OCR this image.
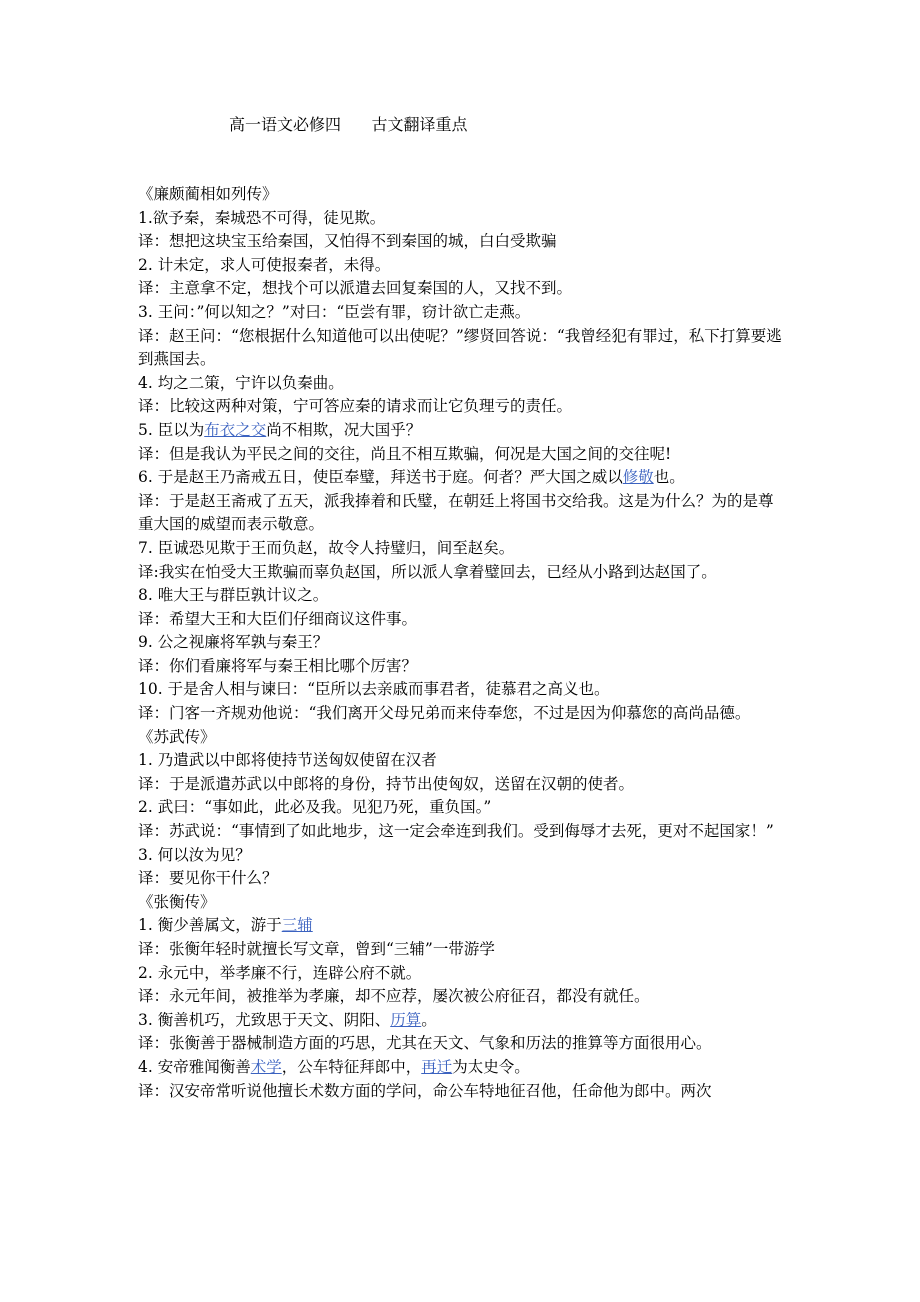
高一语文必修四      古文翻译重点

《廉颇蔺相如列传》

1.欲予秦，秦城恐不可得，徒见欺。

译：想把这块宝玉给秦国，又怕得不到秦国的城，白白受欺骗

2. 计未定，求人可使报秦者，未得。

译：主意拿不定，想找个可以派遣去回复秦国的人，又找不到。

3. 王问：”何以知之？”对曰：“臣尝有罪，窃计欲亡走燕。

译：赵王问：“您根据什么知道他可以出使呢？”缪贤回答说：“我曾经犯有罪过，私下打算要逃到燕国去。

4. 均之二策，宁许以负秦曲。

译：比较这两种对策，宁可答应秦的请求而让它负理亏的责任。

5. 臣以为布衣之交尚不相欺，况大国乎？

译：但是我认为平民之间的交往，尚且不相互欺骗，何况是大国之间的交往呢!

6. 于是赵王乃斋戒五日，使臣奉璧，拜送书于庭。何者？严大国之威以修敬也。

译：于是赵王斋戒了五天，派我捧着和氏璧，在朝廷上将国书交给我。这是为什么？为的是尊重大国的威望而表示敬意。

7. 臣诚恐见欺于王而负赵，故令人持璧归，间至赵矣。

译:我实在怕受大王欺骗而辜负赵国，所以派人拿着璧回去，已经从小路到达赵国了。

8. 唯大王与群臣孰计议之。

译：希望大王和大臣们仔细商议这件事。

9. 公之视廉将军孰与秦王？

译：你们看廉将军与秦王相比哪个厉害？

10. 于是舍人相与谏曰：“臣所以去亲戚而事君者，徒慕君之高义也。

译：门客一齐规劝他说：“我们离开父母兄弟而来侍奉您，不过是因为仰慕您的高尚品德。

《苏武传》

1. 乃遣武以中郎将使持节送匈奴使留在汉者

译：于是派遣苏武以中郎将的身份，持节出使匈奴，送留在汉朝的使者。

2. 武曰：“事如此，此必及我。见犯乃死，重负国。”

译：苏武说：“事情到了如此地步，这一定会牵连到我们。受到侮辱才去死，更对不起国家！”

3. 何以汝为见？

译：要见你干什么？

《张衡传》

1. 衡少善属文，游于三辅

译：张衡年轻时就擅长写文章，曾到“三辅”一带游学

2. 永元中，举孝廉不行，连辟公府不就。

译：永元年间，被推举为孝廉，却不应荐，屡次被公府征召，都没有就任。

3. 衡善机巧，尤致思于天文、阴阳、历算。

译：张衡善于器械制造方面的巧思，尤其在天文、气象和历法的推算等方面很用心。

4. 安帝雅闻衡善术学，公车特征拜郎中，再迁为太史令。

译：汉安帝常听说他擅长术数方面的学问，命公车特地征召他，任命他为郎中。两次
